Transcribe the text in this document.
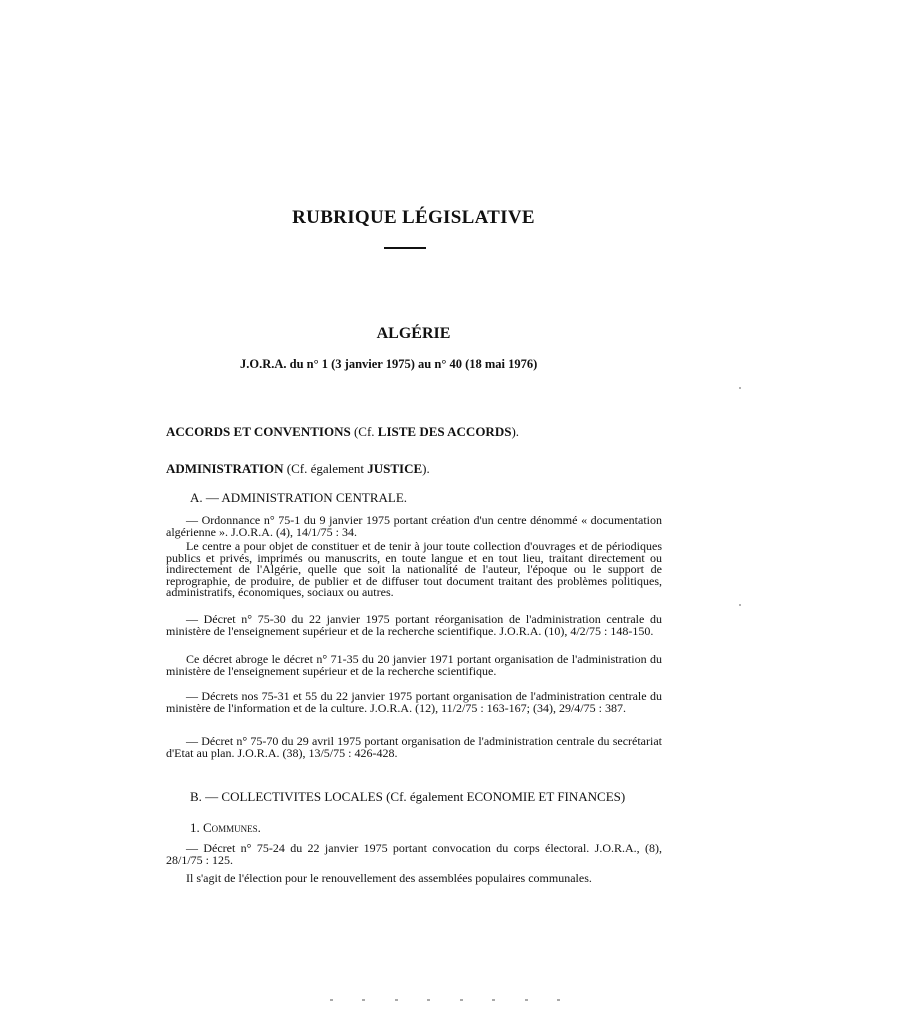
RUBRIQUE LÉGISLATIVE
ALGÉRIE
J.O.R.A. du n° 1 (3 janvier 1975) au n° 40 (18 mai 1976)
ACCORDS ET CONVENTIONS (Cf. LISTE DES ACCORDS).
ADMINISTRATION (Cf. également JUSTICE).
A. — ADMINISTRATION CENTRALE.
— Ordonnance n° 75-1 du 9 janvier 1975 portant création d'un centre dénommé « documentation algérienne ». J.O.R.A. (4), 14/1/75 : 34.
Le centre a pour objet de constituer et de tenir à jour toute collection d'ouvrages et de périodiques publics et privés, imprimés ou manuscrits, en toute langue et en tout lieu, traitant directement ou indirectement de l'Algérie, quelle que soit la nationalité de l'auteur, l'époque ou le support de reprographie, de produire, de publier et de diffuser tout document traitant des problèmes politiques, administratifs, économiques, sociaux ou autres.
— Décret n° 75-30 du 22 janvier 1975 portant réorganisation de l'administration centrale du ministère de l'enseignement supérieur et de la recherche scientifique. J.O.R.A. (10), 4/2/75 : 148-150.
Ce décret abroge le décret n° 71-35 du 20 janvier 1971 portant organisation de l'administration du ministère de l'enseignement supérieur et de la recherche scientifique.
— Décrets nos 75-31 et 55 du 22 janvier 1975 portant organisation de l'administration centrale du ministère de l'information et de la culture. J.O.R.A. (12), 11/2/75 : 163-167; (34), 29/4/75 : 387.
— Décret n° 75-70 du 29 avril 1975 portant organisation de l'administration centrale du secrétariat d'Etat au plan. J.O.R.A. (38), 13/5/75 : 426-428.
B. — COLLECTIVITES LOCALES (Cf. également ECONOMIE ET FINANCES)
1. Communes.
— Décret n° 75-24 du 22 janvier 1975 portant convocation du corps électoral. J.O.R.A., (8), 28/1/75 : 125.
Il s'agit de l'élection pour le renouvellement des assemblées populaires communales.
